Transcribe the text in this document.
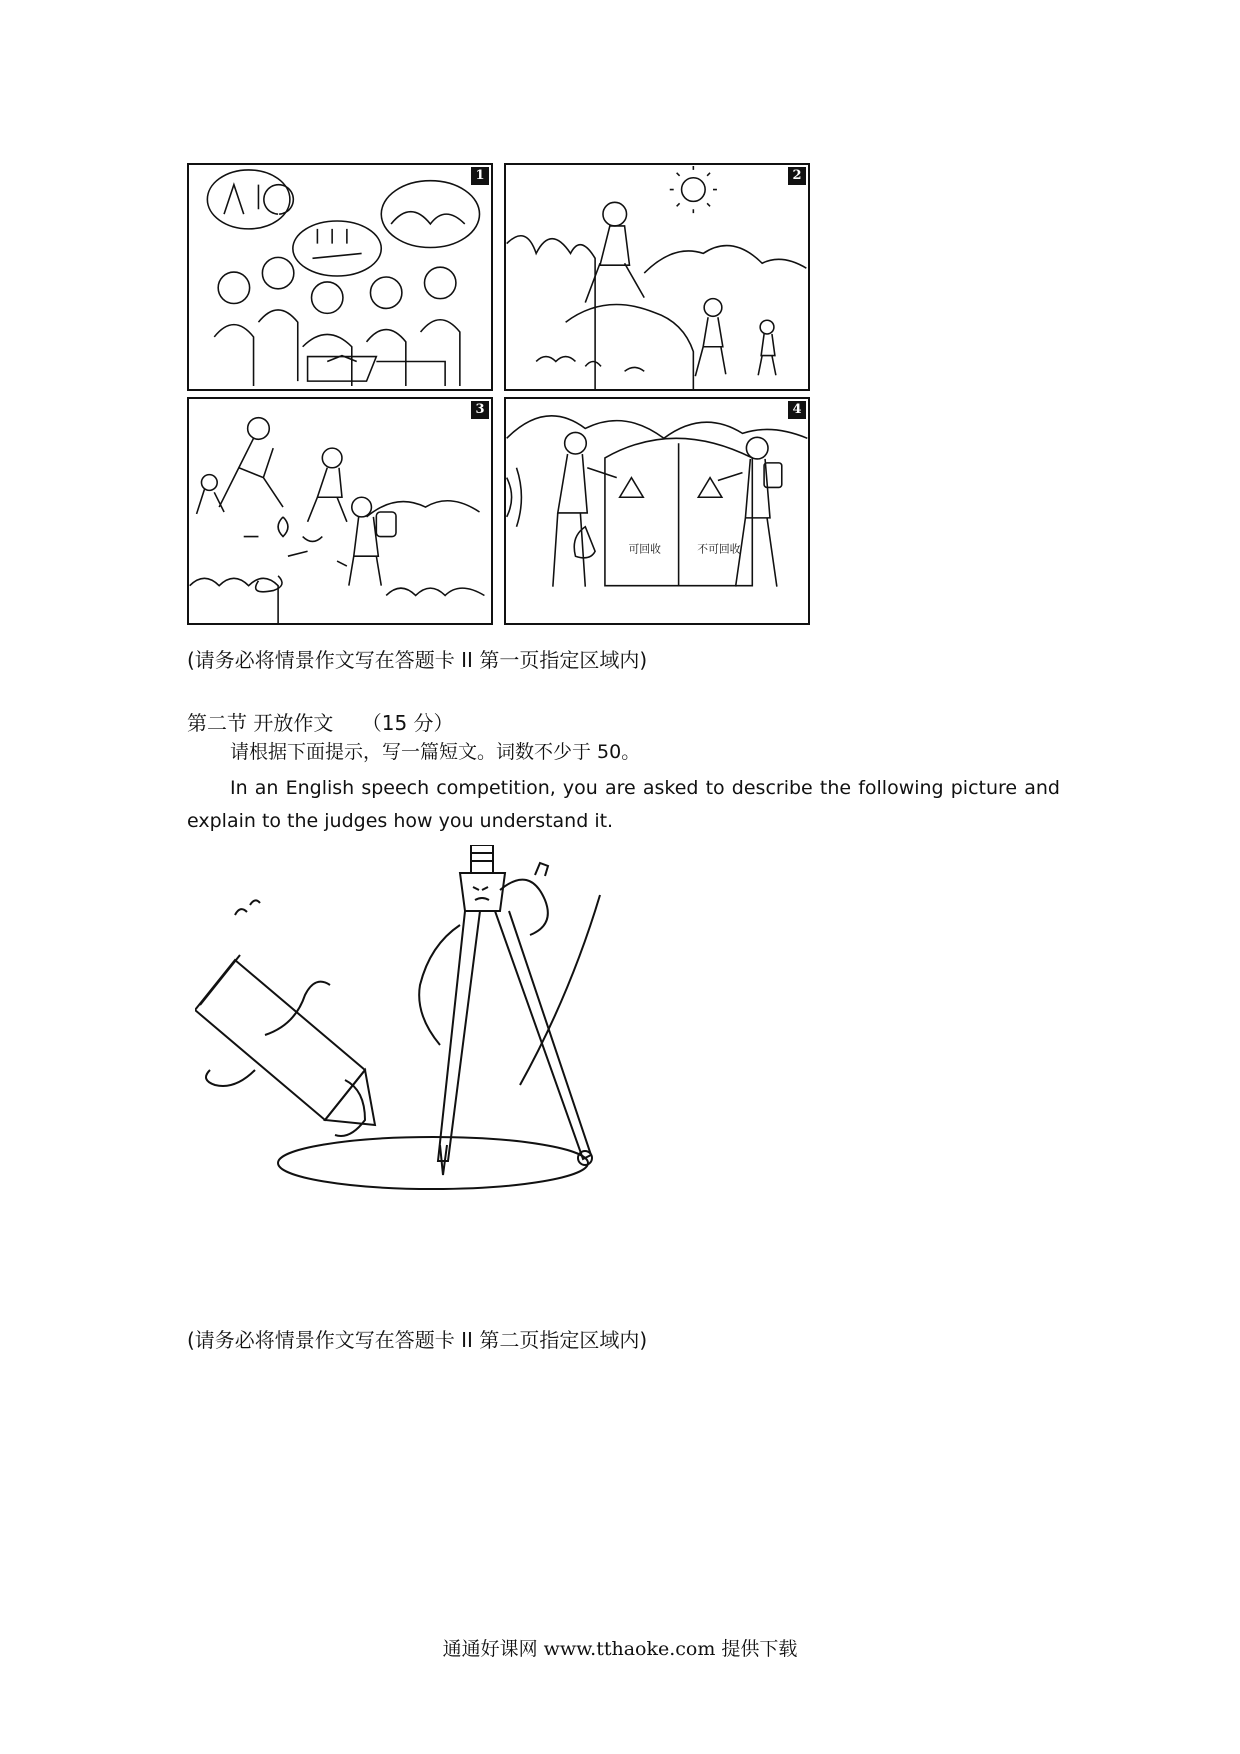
1	2
3
可回收	不可回收
4
(请务必将情景作文写在答题卡 II 第一页指定区域内)
第二节 开放作文 （15 分）
请根据下面提示，写一篇短文。词数不少于 50。
In an English speech competition, you are asked to describe the following picture and
explain to the judges how you understand it.
(请务必将情景作文写在答题卡 II 第二页指定区域内)
通通好课网 www.tthaoke.com 提供下载
